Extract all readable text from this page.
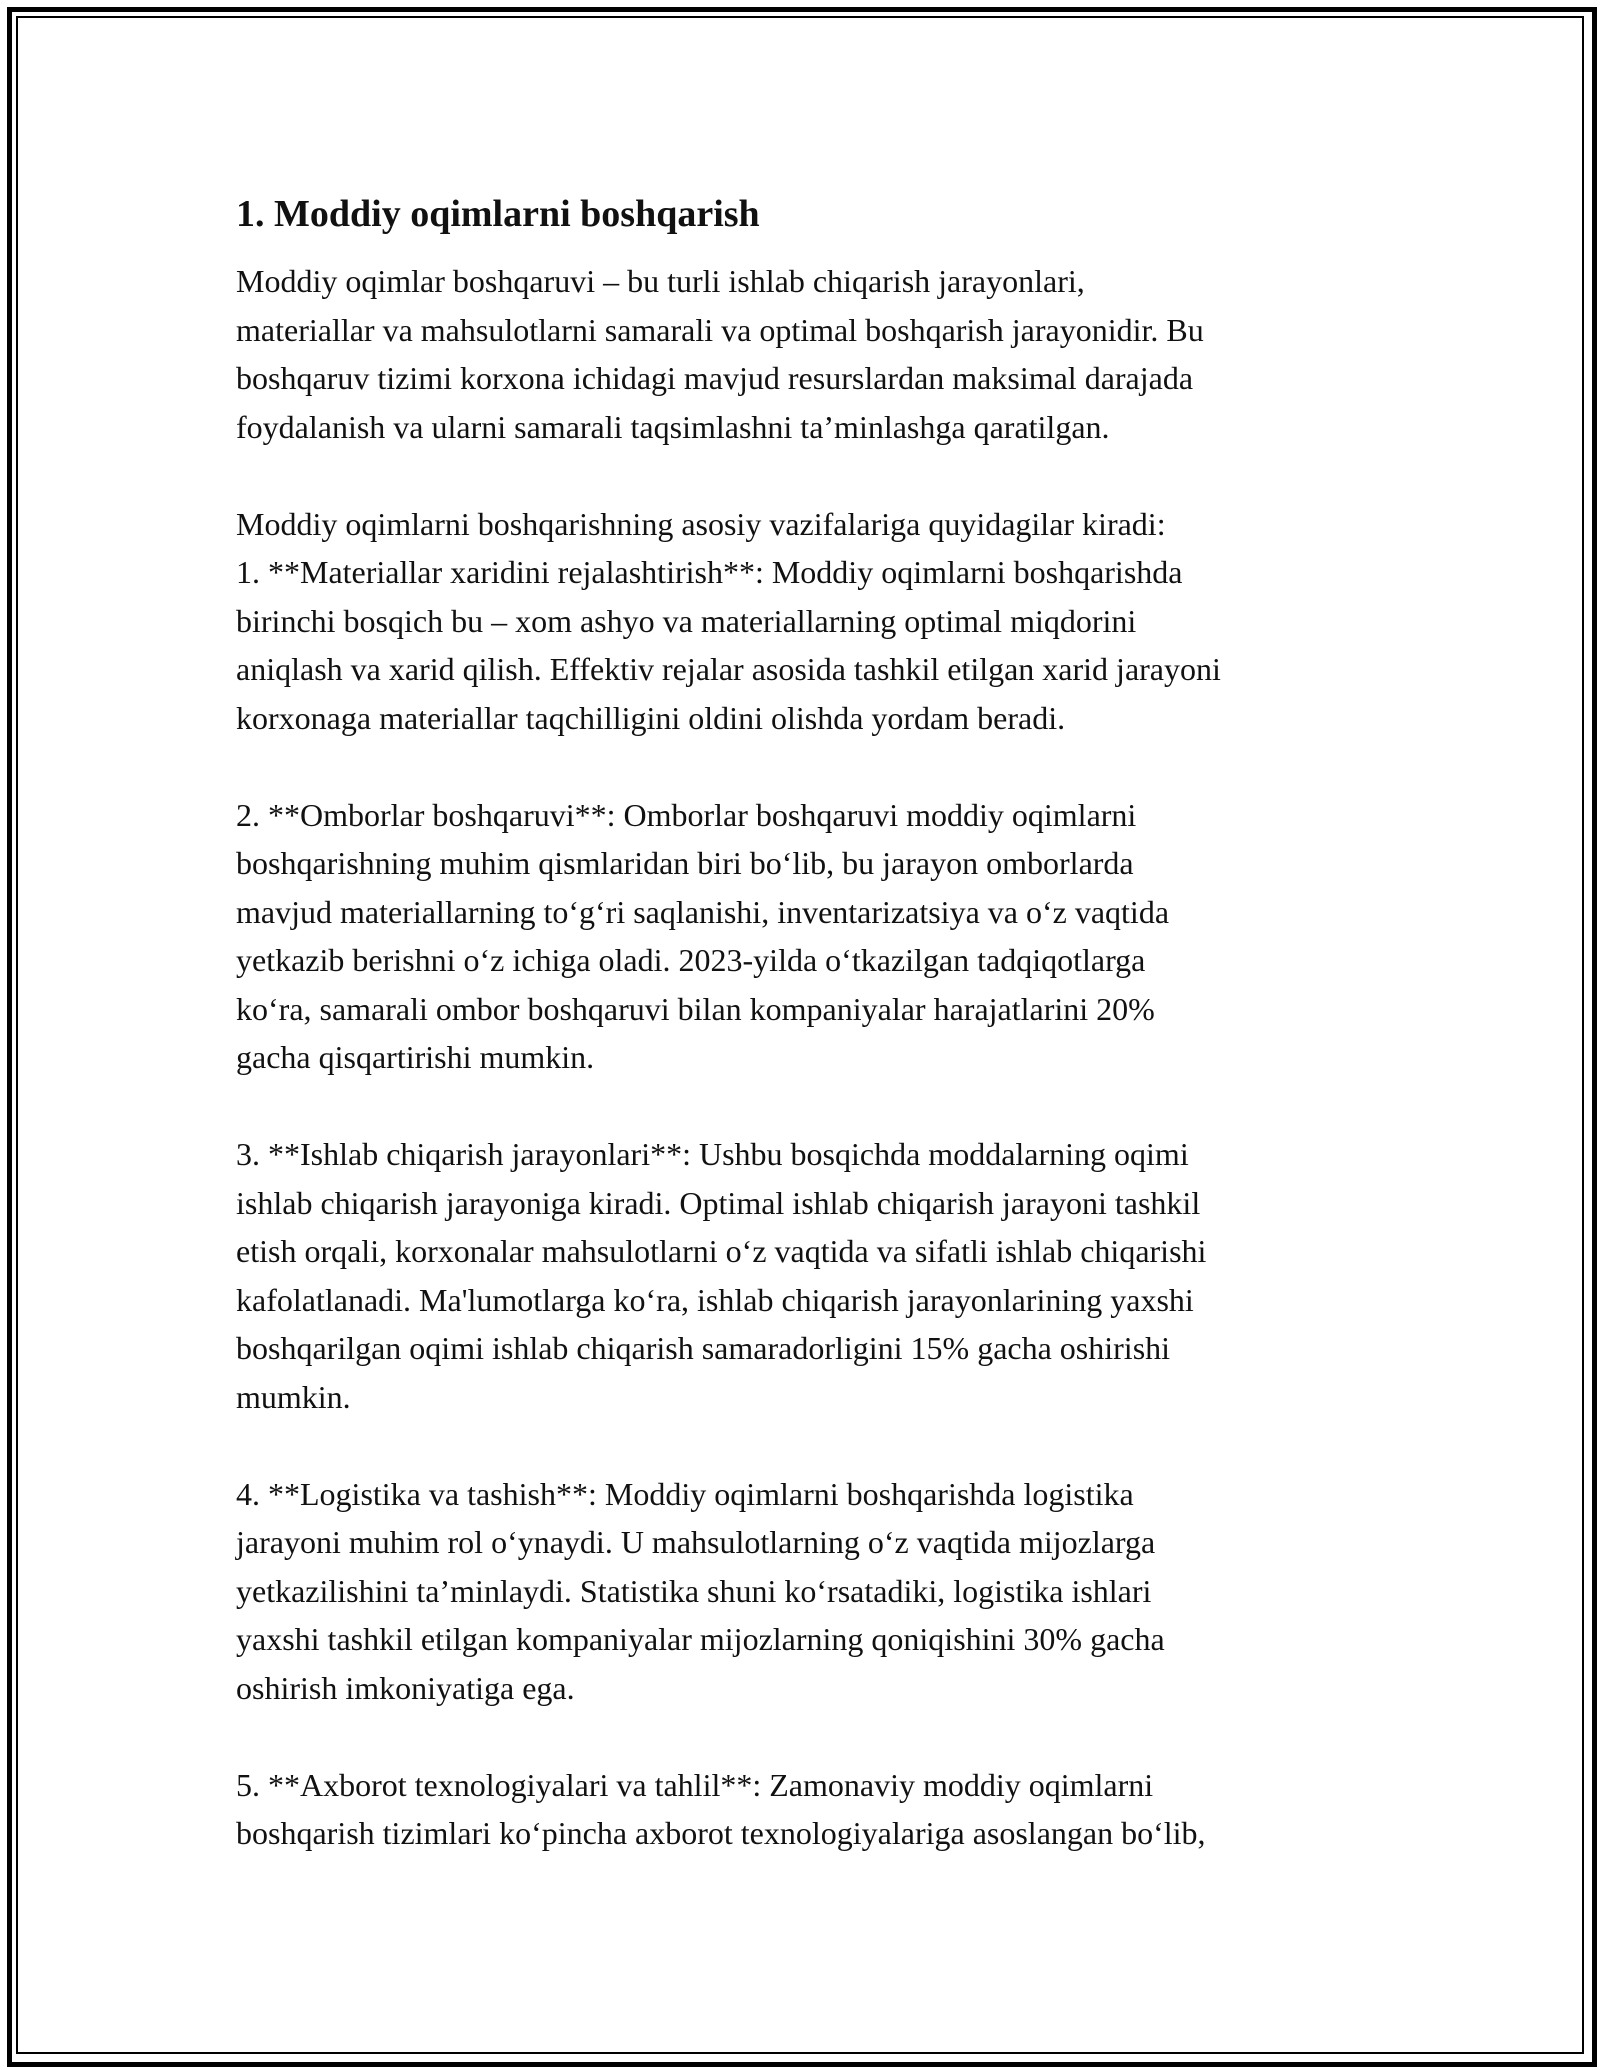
1. Moddiy oqimlarni boshqarish

Moddiy oqimlar boshqaruvi – bu turli ishlab chiqarish jarayonlari,
materiallar va mahsulotlarni samarali va optimal boshqarish jarayonidir. Bu
boshqaruv tizimi korxona ichidagi mavjud resurslardan maksimal darajada
foydalanish va ularni samarali taqsimlashni ta’minlashga qaratilgan.

Moddiy oqimlarni boshqarishning asosiy vazifalariga quyidagilar kiradi:
1. **Materiallar xaridini rejalashtirish**: Moddiy oqimlarni boshqarishda
birinchi bosqich bu – xom ashyo va materiallarning optimal miqdorini
aniqlash va xarid qilish. Effektiv rejalar asosida tashkil etilgan xarid jarayoni
korxonaga materiallar taqchilligini oldini olishda yordam beradi.

2. **Omborlar boshqaruvi**: Omborlar boshqaruvi moddiy oqimlarni
boshqarishning muhim qismlaridan biri bo‘lib, bu jarayon omborlarda
mavjud materiallarning to‘g‘ri saqlanishi, inventarizatsiya va o‘z vaqtida
yetkazib berishni o‘z ichiga oladi. 2023-yilda o‘tkazilgan tadqiqotlarga
ko‘ra, samarali ombor boshqaruvi bilan kompaniyalar harajatlarini 20%
gacha qisqartirishi mumkin.

3. **Ishlab chiqarish jarayonlari**: Ushbu bosqichda moddalarning oqimi
ishlab chiqarish jarayoniga kiradi. Optimal ishlab chiqarish jarayoni tashkil
etish orqali, korxonalar mahsulotlarni o‘z vaqtida va sifatli ishlab chiqarishi
kafolatlanadi. Ma'lumotlarga ko‘ra, ishlab chiqarish jarayonlarining yaxshi
boshqarilgan oqimi ishlab chiqarish samaradorligini 15% gacha oshirishi
mumkin.

4. **Logistika va tashish**: Moddiy oqimlarni boshqarishda logistika
jarayoni muhim rol o‘ynaydi. U mahsulotlarning o‘z vaqtida mijozlarga
yetkazilishini ta’minlaydi. Statistika shuni ko‘rsatadiki, logistika ishlari
yaxshi tashkil etilgan kompaniyalar mijozlarning qoniqishini 30% gacha
oshirish imkoniyatiga ega.

5. **Axborot texnologiyalari va tahlil**: Zamonaviy moddiy oqimlarni
boshqarish tizimlari ko‘pincha axborot texnologiyalariga asoslangan bo‘lib,
